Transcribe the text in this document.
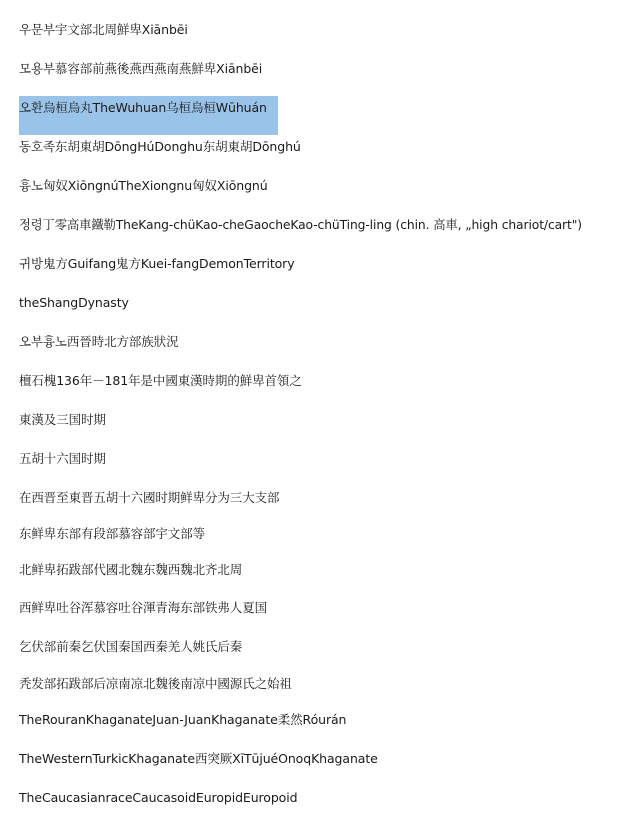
우문부宇文部北周鮮卑Xiānbēi
모용부慕容部前燕後燕西燕南燕鮮卑Xiānbēi
오환烏桓烏丸TheWuhuan乌桓烏桓Wūhuán
동호족东胡東胡DōngHúDonghu东胡東胡Dōnghú
흉노匈奴XiōngnúTheXiongnu匈奴Xiōngnú
정령丁零高車鐵勒TheKang-chüKao-cheGaocheKao-chüTing-ling (chin. 高車, „high chariot/cart")
귀방鬼方Guifang鬼方Kuei-fangDemonTerritory
theShangDynasty
오부흉노西晉時北方部族狀況
檀石槐136年－181年是中國東漢時期的鮮卑首領之
東漢及三国时期
五胡十六国时期
在西晋至東晋五胡十六國时期鲜卑分为三大支部
东鲜卑东部有段部慕容部宇文部等
北鲜卑拓跋部代國北魏东魏西魏北齐北周
西鲜卑吐谷浑慕容吐谷渾青海东部铁弗人夏国
乞伏部前秦乞伏国秦国西秦羌人姚氏后秦
秃发部拓跋部后凉南凉北魏後南凉中國源氏之始祖
TheRouranKhaganateJuan-JuanKhaganate柔然Róurán
TheWesternTurkicKhaganate西突厥XīTūjuéOnoqKhaganate
TheCaucasianraceCaucasoidEuropidEuropoid
